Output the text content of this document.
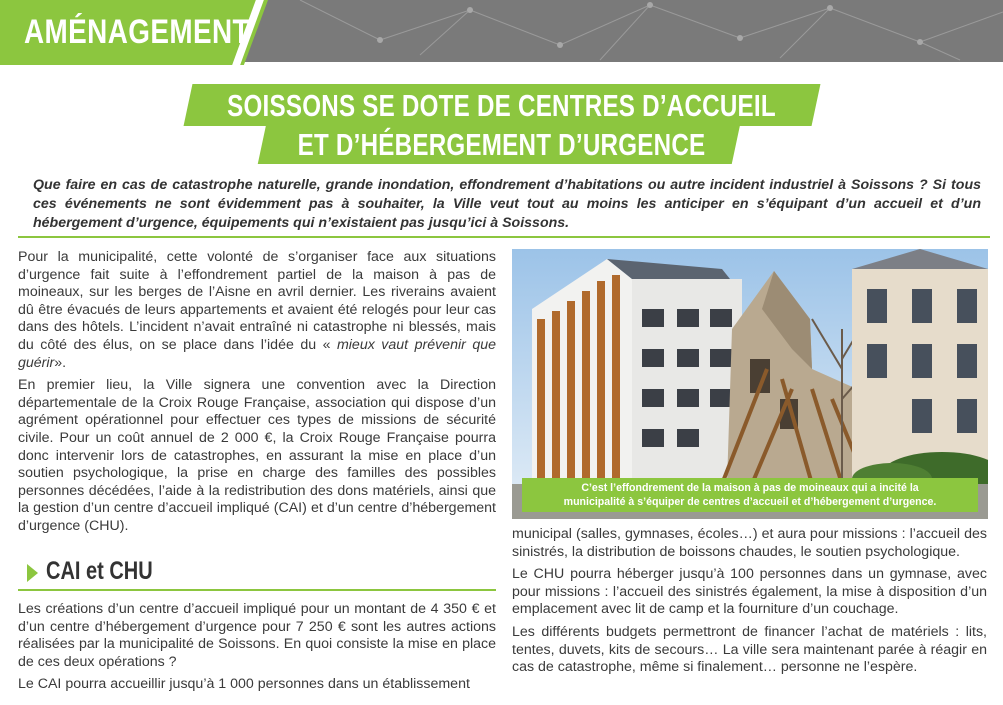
AMÉNAGEMENT
SOISSONS SE DOTE DE CENTRES D’ACCUEIL
ET D’HÉBERGEMENT D’URGENCE
Que faire en cas de catastrophe naturelle, grande inondation, effondrement d’habitations ou autre incident industriel à Soissons ? Si tous ces événements ne sont évidemment pas à souhaiter, la Ville veut tout au moins les anticiper en s’équipant d’un accueil et d’un hébergement d’urgence, équipements qui n’existaient pas jusqu’ici à Soissons.

Pour la municipalité, cette volonté de s’organiser face aux situations d’urgence fait suite à l’effondrement partiel de la maison à pas de moineaux, sur les berges de l’Aisne en avril dernier. Les riverains avaient dû être évacués de leurs appartements et avaient été relogés pour leur cas dans des hôtels. L’incident n’avait entraîné ni catastrophe ni blessés, mais du côté des élus, on se place dans l’idée du « mieux vaut prévenir que guérir».

En premier lieu, la Ville signera une convention avec la Direction départementale de la Croix Rouge Française, association qui dispose d’un agrément opérationnel pour effectuer ces types de missions de sécurité civile. Pour un coût annuel de 2 000 €, la Croix Rouge Française pourra donc intervenir lors de catastrophes, en assurant la mise en place d’un soutien psychologique, la prise en charge des familles des possibles personnes décédées, l’aide à la redistribution des dons matériels, ainsi que la gestion d’un centre d’accueil impliqué (CAI) et d’un centre d’hébergement d’urgence (CHU).

CAI et CHU

Les créations d’un centre d’accueil impliqué pour un montant de 4 350 € et d’un centre d’hébergement d’urgence pour 7 250 € sont les autres actions réalisées par la municipalité de Soissons. En quoi consiste la mise en place de ces deux opérations ?

Le CAI pourra accueillir jusqu’à 1 000 personnes dans un établissement

C’est l’effondrement de la maison à pas de moineaux qui a incité la
municipalité à s’équiper de centres d’accueil et d’hébergement d’urgence.

municipal (salles, gymnases, écoles…) et aura pour missions : l’accueil des sinistrés, la distribution de boissons chaudes, le soutien psychologique.

Le CHU pourra héberger jusqu’à 100 personnes dans un gymnase, avec pour missions : l’accueil des sinistrés également, la mise à disposition d’un emplacement avec lit de camp et la fourniture d’un couchage.

Les différents budgets permettront de financer l’achat de matériels : lits, tentes, duvets, kits de secours… La ville sera maintenant parée à réagir en cas de catastrophe, même si finalement… personne ne l’espère.
